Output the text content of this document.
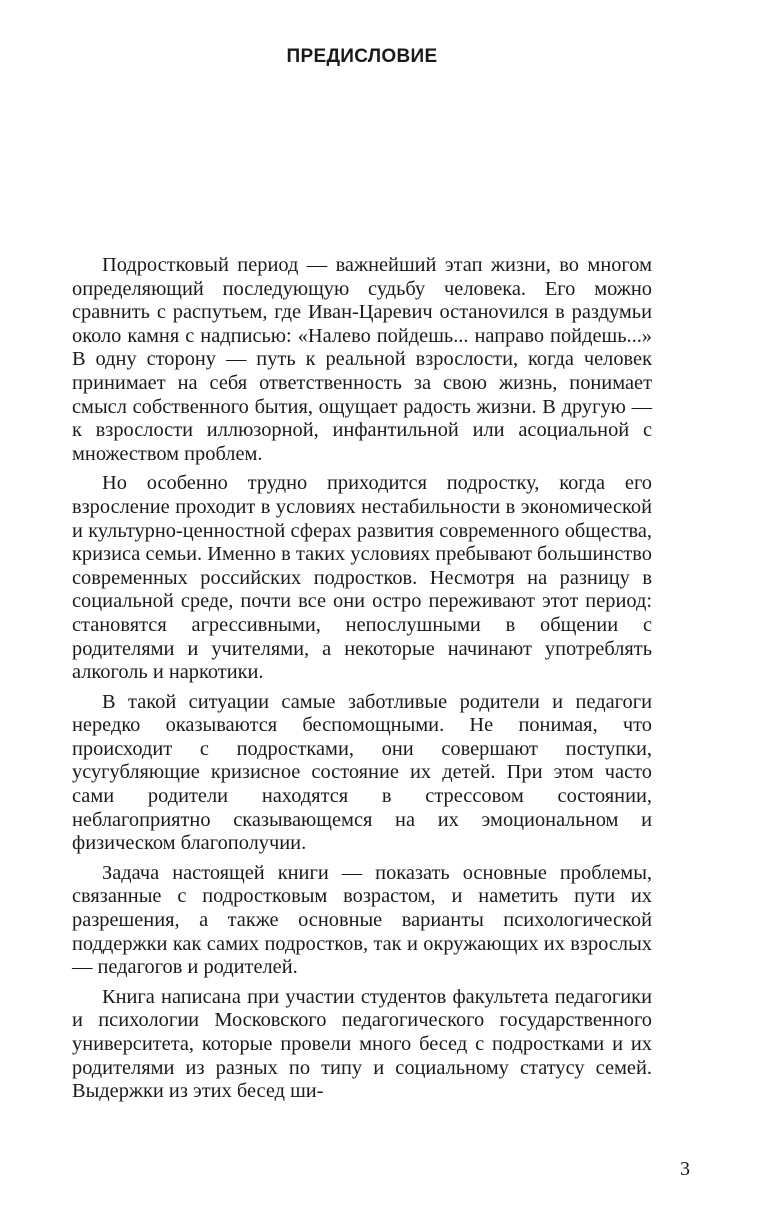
ПРЕДИСЛОВИЕ

Подростковый период — важнейший этап жизни, во многом определяющий последующую судьбу человека. Его можно сравнить с распутьем, где Иван-Царевич останоvился в раздумьи около камня с надписью: «Налево пойдешь... направо пойдешь...» В одну сторону — путь к реальной взрослости, когда человек принимает на себя ответственность за свою жизнь, понимает смысл собственного бытия, ощущает радость жизни. В другую — к взрослости иллюзорной, инфантильной или асоциальной с множеством проблем.

Но особенно трудно приходится подростку, когда его взросление проходит в условиях нестабильности в экономической и культурно-ценностной сферах развития современного общества, кризиса семьи. Именно в таких условиях пребывают большинство современных российских подростков. Несмотря на разницу в социальной среде, почти все они остро переживают этот период: становятся агрессивными, непослушными в общении с родителями и учителями, а некоторые начинают употреблять алкоголь и наркотики.

В такой ситуации самые заботливые родители и педагоги нередко оказываются беспомощными. Не понимая, что происходит с подростками, они совершают поступки, усугубляющие кризисное состояние их детей. При этом часто сами родители находятся в стрессовом состоянии, неблагоприятно сказывающемся на их эмоциональном и физическом благополучии.

Задача настоящей книги — показать основные проблемы, связанные с подростковым возрастом, и наметить пути их разрешения, а также основные варианты психологической поддержки как самих подростков, так и окружающих их взрослых — педагогов и родителей.

Книга написана при участии студентов факультета педагогики и психологии Московского педагогического государственного университета, которые провели много бесед с подростками и их родителями из разных по типу и социальному статусу семей. Выдержки из этих бесед ши-

3
